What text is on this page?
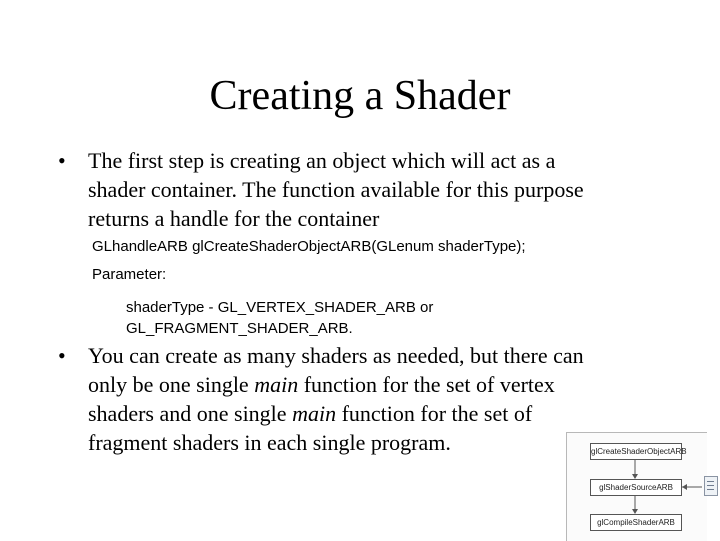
Creating a Shader
• The first step is creating an object which will act as a
shader container. The function available for this purpose
returns a handle for the container
GLhandleARB glCreateShaderObjectARB(GLenum shaderType);
Parameter:
shaderType - GL_VERTEX_SHADER_ARB or
GL_FRAGMENT_SHADER_ARB.
• You can create as many shaders as needed, but there can
only be one single main function for the set of vertex
shaders and one single main function for the set of
fragment shaders in each single program.	glCreateShaderObjectARB
glShaderSourceARB
glCompileShaderARB
